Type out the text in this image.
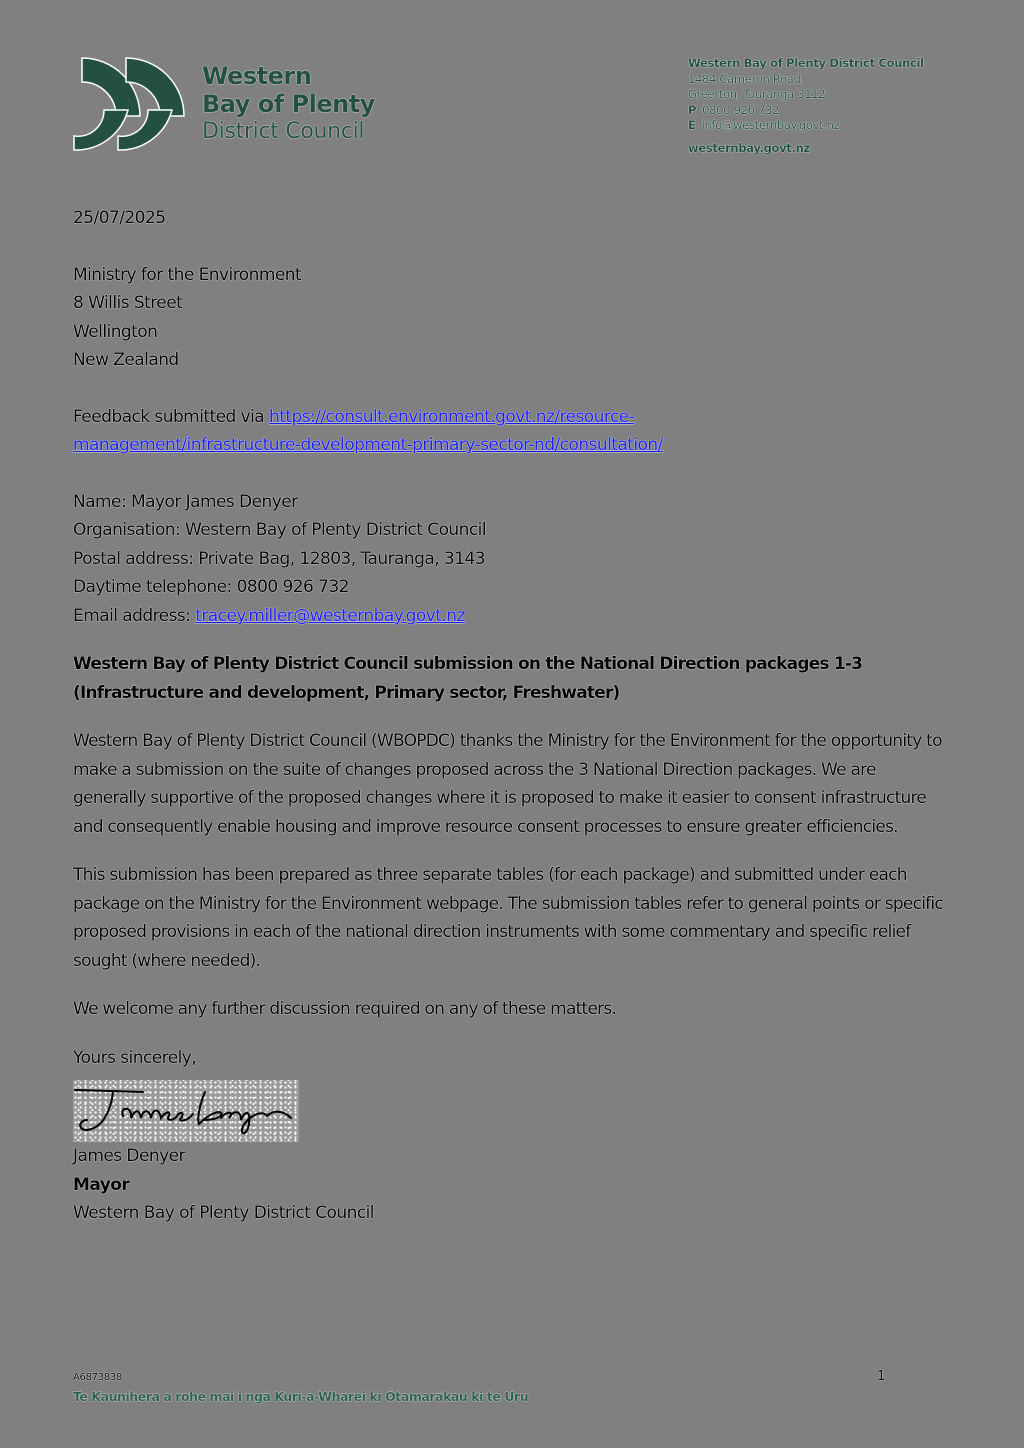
Western
Bay of Plenty
District Council
Western Bay of Plenty District Council
1484 Cameron Road,
Greerton, Tauranga 3112
P 0800 926 732
E info@westernbay.govt.nz
westernbay.govt.nz

25/07/2025

Ministry for the Environment
8 Willis Street
Wellington
New Zealand
Feedback submitted via https://consult.environment.govt.nz/resource-
management/infrastructure-development-primary-sector-nd/consultation/
Name: Mayor James Denyer
Organisation: Western Bay of Plenty District Council
Postal address: Private Bag, 12803, Tauranga, 3143
Daytime telephone: 0800 926 732
Email address: tracey.miller@westernbay.govt.nz
Western Bay of Plenty District Council submission on the National Direction packages 1-3 (Infrastructure and development, Primary sector, Freshwater)
Western Bay of Plenty District Council (WBOPDC) thanks the Ministry for the Environment for the opportunity to make a submission on the suite of changes proposed across the 3 National Direction packages. We are generally supportive of the proposed changes where it is proposed to make it easier to consent infrastructure and consequently enable housing and improve resource consent processes to ensure greater efficiencies.
This submission has been prepared as three separate tables (for each package) and submitted under each package on the Ministry for the Environment webpage. The submission tables refer to general points or specific proposed provisions in each of the national direction instruments with some commentary and specific relief sought (where needed).
We welcome any further discussion required on any of these matters.
Yours sincerely,
James Denyer
Mayor
Western Bay of Plenty District Council
A6873838
Te Kaunihera a rohe mai i ngā Kuri-a-Whārei ki Ōtamarākau ki te Uru
1
